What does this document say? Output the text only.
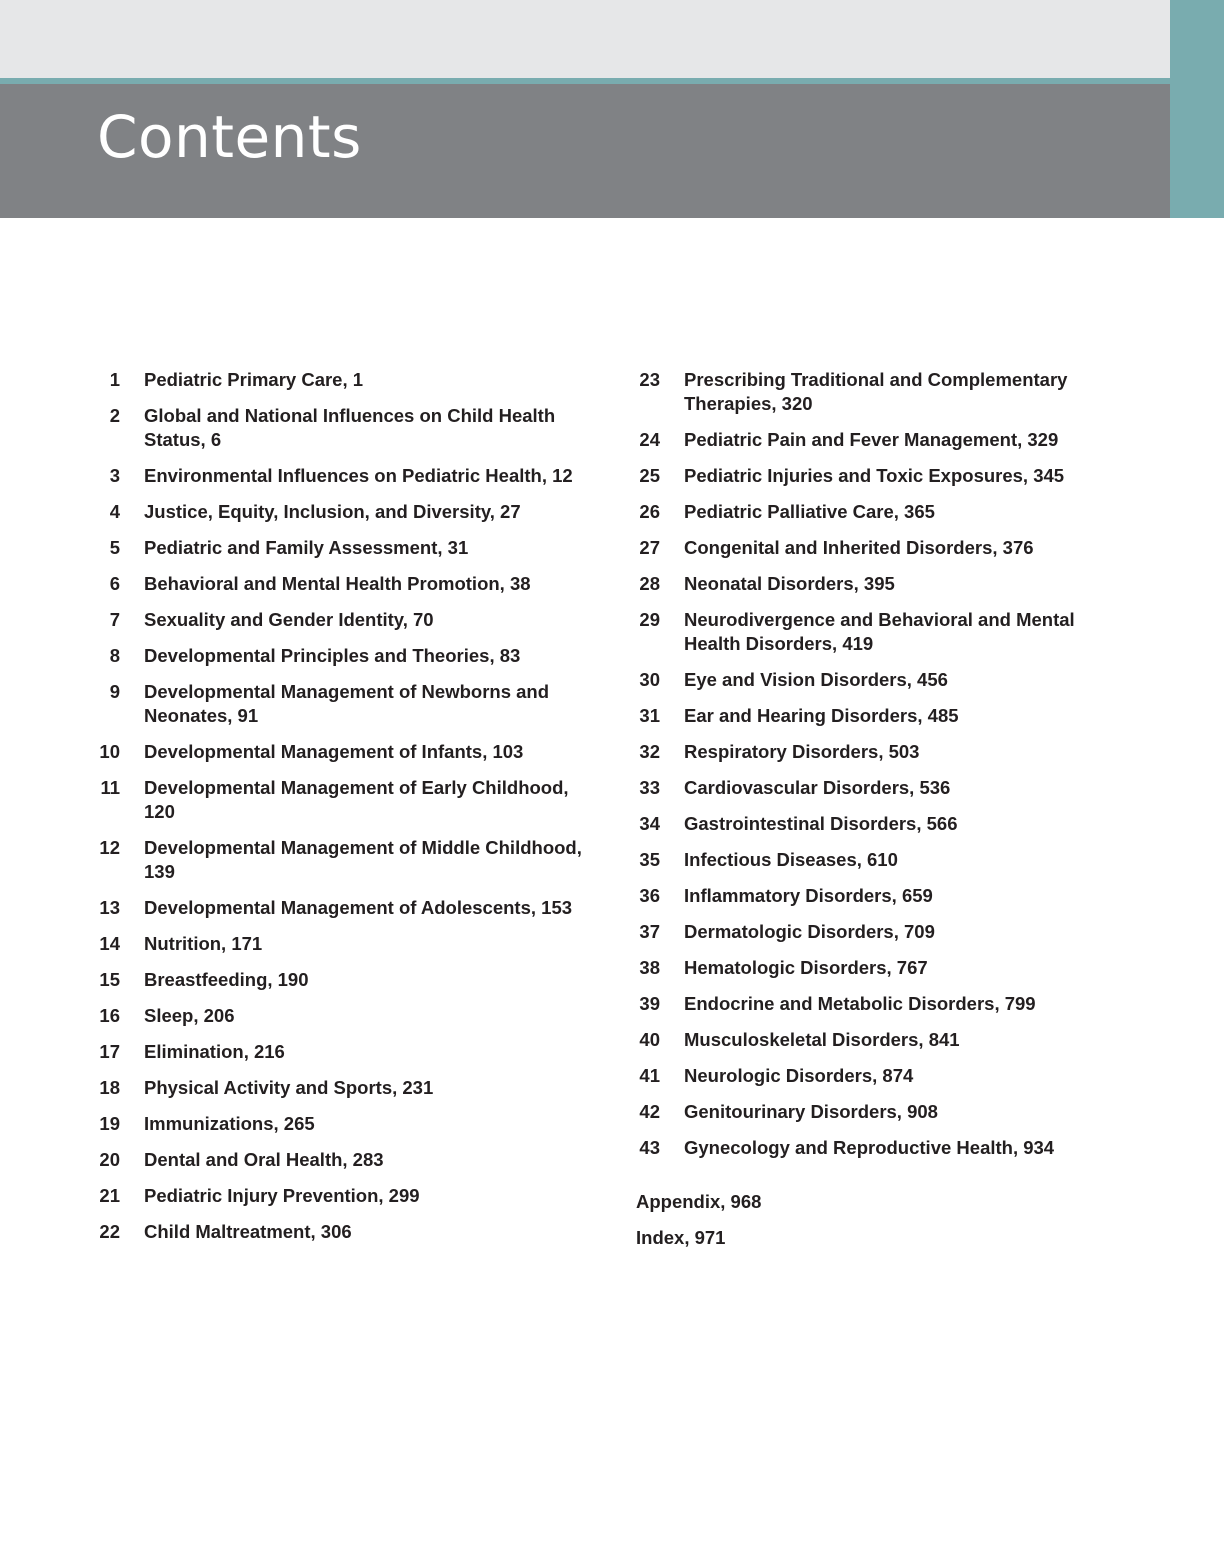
Contents
1 Pediatric Primary Care, 1
2 Global and National Influences on Child Health Status, 6
3 Environmental Influences on Pediatric Health, 12
4 Justice, Equity, Inclusion, and Diversity, 27
5 Pediatric and Family Assessment, 31
6 Behavioral and Mental Health Promotion, 38
7 Sexuality and Gender Identity, 70
8 Developmental Principles and Theories, 83
9 Developmental Management of Newborns and Neonates, 91
10 Developmental Management of Infants, 103
11 Developmental Management of Early Childhood, 120
12 Developmental Management of Middle Childhood, 139
13 Developmental Management of Adolescents, 153
14 Nutrition, 171
15 Breastfeeding, 190
16 Sleep, 206
17 Elimination, 216
18 Physical Activity and Sports, 231
19 Immunizations, 265
20 Dental and Oral Health, 283
21 Pediatric Injury Prevention, 299
22 Child Maltreatment, 306
23 Prescribing Traditional and Complementary Therapies, 320
24 Pediatric Pain and Fever Management, 329
25 Pediatric Injuries and Toxic Exposures, 345
26 Pediatric Palliative Care, 365
27 Congenital and Inherited Disorders, 376
28 Neonatal Disorders, 395
29 Neurodivergence and Behavioral and Mental Health Disorders, 419
30 Eye and Vision Disorders, 456
31 Ear and Hearing Disorders, 485
32 Respiratory Disorders, 503
33 Cardiovascular Disorders, 536
34 Gastrointestinal Disorders, 566
35 Infectious Diseases, 610
36 Inflammatory Disorders, 659
37 Dermatologic Disorders, 709
38 Hematologic Disorders, 767
39 Endocrine and Metabolic Disorders, 799
40 Musculoskeletal Disorders, 841
41 Neurologic Disorders, 874
42 Genitourinary Disorders, 908
43 Gynecology and Reproductive Health, 934
Appendix, 968
Index, 971
